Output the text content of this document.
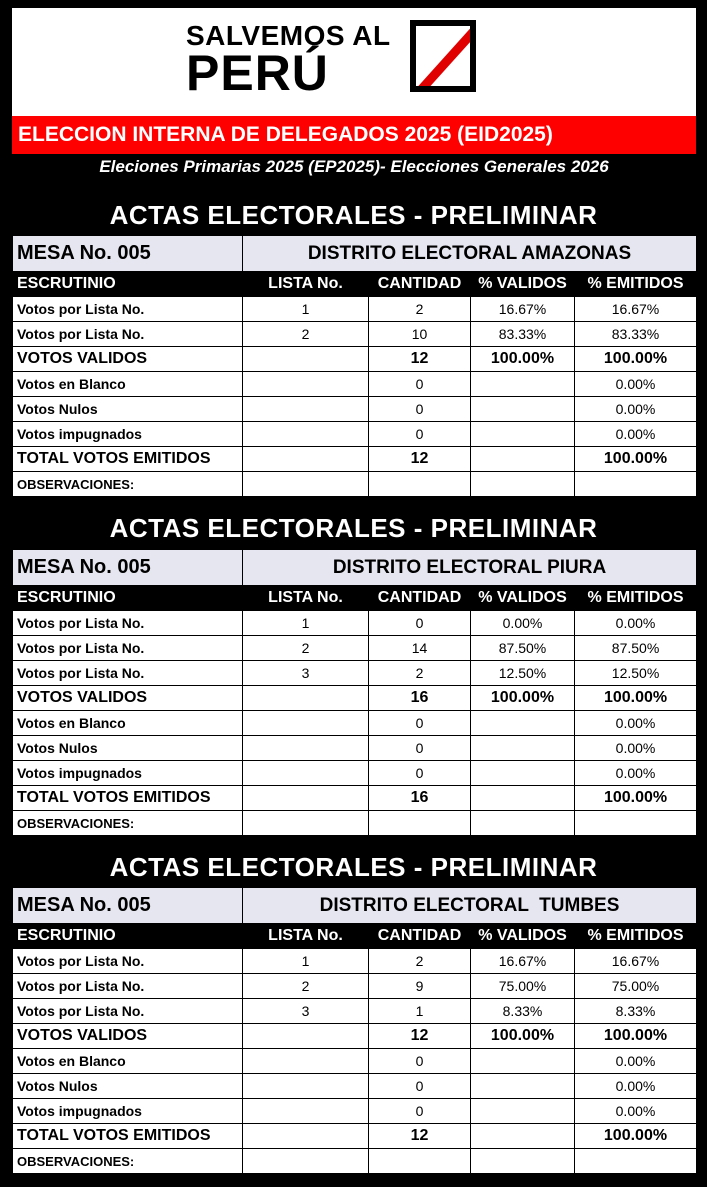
SALVEMOS AL
PERÚ
ELECCION INTERNA DE DELEGADOS 2025 (EID2025)
Eleciones Primarias 2025 (EP2025)- Elecciones Generales 2026
ACTAS ELECTORALES - PRELIMINAR
MESA No. 005	DISTRITO ELECTORAL AMAZONAS			
ESCRUTINIO	LISTA No.	CANTIDAD	% VALIDOS	% EMITIDOS
Votos por Lista No.	1	2	16.67%	16.67%
Votos por Lista No.	2	10	83.33%	83.33%
VOTOS VALIDOS		12	100.00%	100.00%
Votos en Blanco		0		0.00%
Votos Nulos		0		0.00%
Votos impugnados		0		0.00%
TOTAL VOTOS EMITIDOS		12		100.00%
OBSERVACIONES:				
ACTAS ELECTORALES - PRELIMINAR
MESA No. 005	DISTRITO ELECTORAL PIURA			
ESCRUTINIO	LISTA No.	CANTIDAD	% VALIDOS	% EMITIDOS
Votos por Lista No.	1	0	0.00%	0.00%
Votos por Lista No.	2	14	87.50%	87.50%
Votos por Lista No.	3	2	12.50%	12.50%
VOTOS VALIDOS		16	100.00%	100.00%
Votos en Blanco		0		0.00%
Votos Nulos		0		0.00%
Votos impugnados		0		0.00%
TOTAL VOTOS EMITIDOS		16		100.00%
OBSERVACIONES:				
ACTAS ELECTORALES - PRELIMINAR
MESA No. 005	DISTRITO ELECTORAL  TUMBES			
ESCRUTINIO	LISTA No.	CANTIDAD	% VALIDOS	% EMITIDOS
Votos por Lista No.	1	2	16.67%	16.67%
Votos por Lista No.	2	9	75.00%	75.00%
Votos por Lista No.	3	1	8.33%	8.33%
VOTOS VALIDOS		12	100.00%	100.00%
Votos en Blanco		0		0.00%
Votos Nulos		0		0.00%
Votos impugnados		0		0.00%
TOTAL VOTOS EMITIDOS		12		100.00%
OBSERVACIONES:				
